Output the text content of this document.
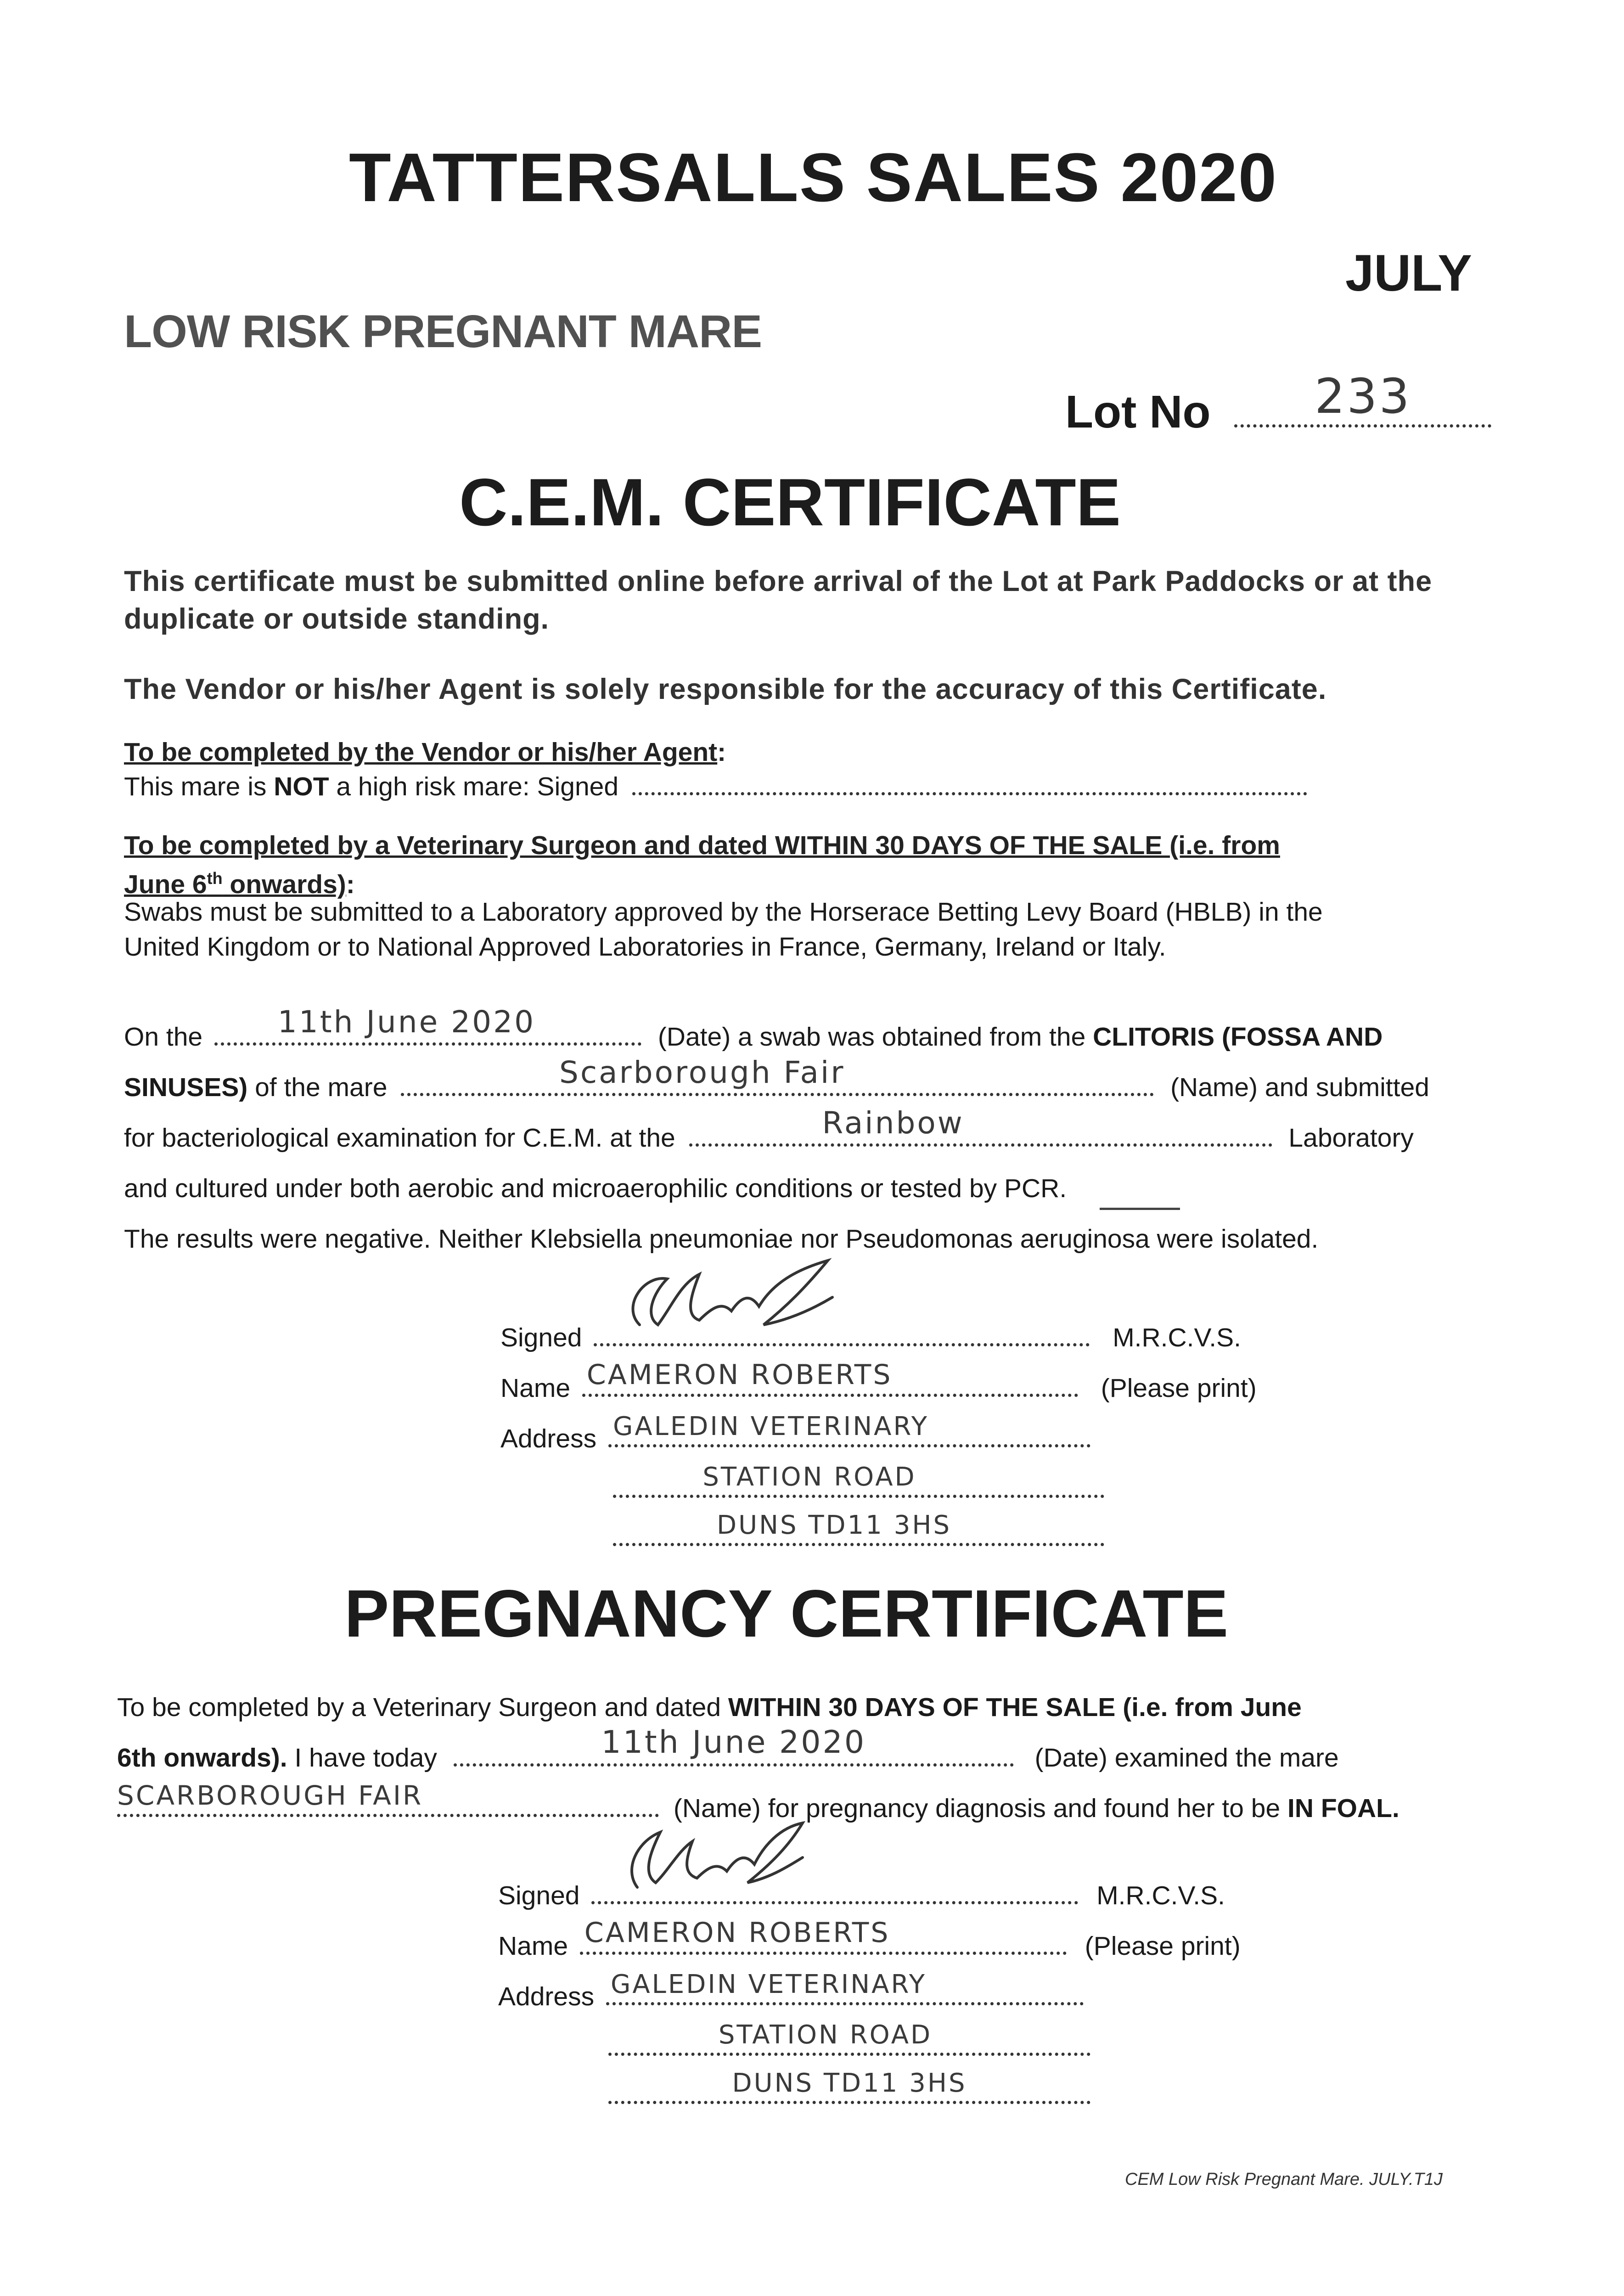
TATTERSALLS SALES 2020
JULY
LOW RISK PREGNANT MARE
Lot No 233
C.E.M. CERTIFICATE
This certificate must be submitted online before arrival of the Lot at Park Paddocks or at the duplicate or outside standing.
The Vendor or his/her Agent is solely responsible for the accuracy of this Certificate.
To be completed by the Vendor or his/her Agent:
This mare is NOT a high risk mare: Signed
To be completed by a Veterinary Surgeon and dated WITHIN 30 DAYS OF THE SALE (i.e. from
June 6th onwards):
Swabs must be submitted to a Laboratory approved by the Horserace Betting Levy Board (HBLB) in the
United Kingdom or to National Approved Laboratories in France, Germany, Ireland or Italy.
On the 11th June 2020	(Date) a swab was obtained from the CLITORIS (FOSSA AND
SINUSES) of the mare	Scarborough Fair	(Name) and submitted
for bacteriological examination for C.E.M. at the	Rainbow	Laboratory
and cultured under both aerobic and microaerophilic conditions or tested by PCR.
The results were negative. Neither Klebsiella pneumoniae nor Pseudomonas aeruginosa were isolated.
Signed	M.R.C.V.S.
Name CAMERON ROBERTS	(Please print)
Address GALEDIN VETERINARY
STATION ROAD
DUNS TD11 3HS
PREGNANCY CERTIFICATE
To be completed by a Veterinary Surgeon and dated WITHIN 30 DAYS OF THE SALE (i.e. from June
6th onwards). I have today	11th June 2020	(Date) examined the mare
SCARBOROUGH FAIR	(Name) for pregnancy diagnosis and found her to be IN FOAL.
Signed	M.R.C.V.S.
Name CAMERON ROBERTS	(Please print)
Address GALEDIN VETERINARY
STATION ROAD
DUNS TD11 3HS
CEM Low Risk Pregnant Mare. JULY.T1J
